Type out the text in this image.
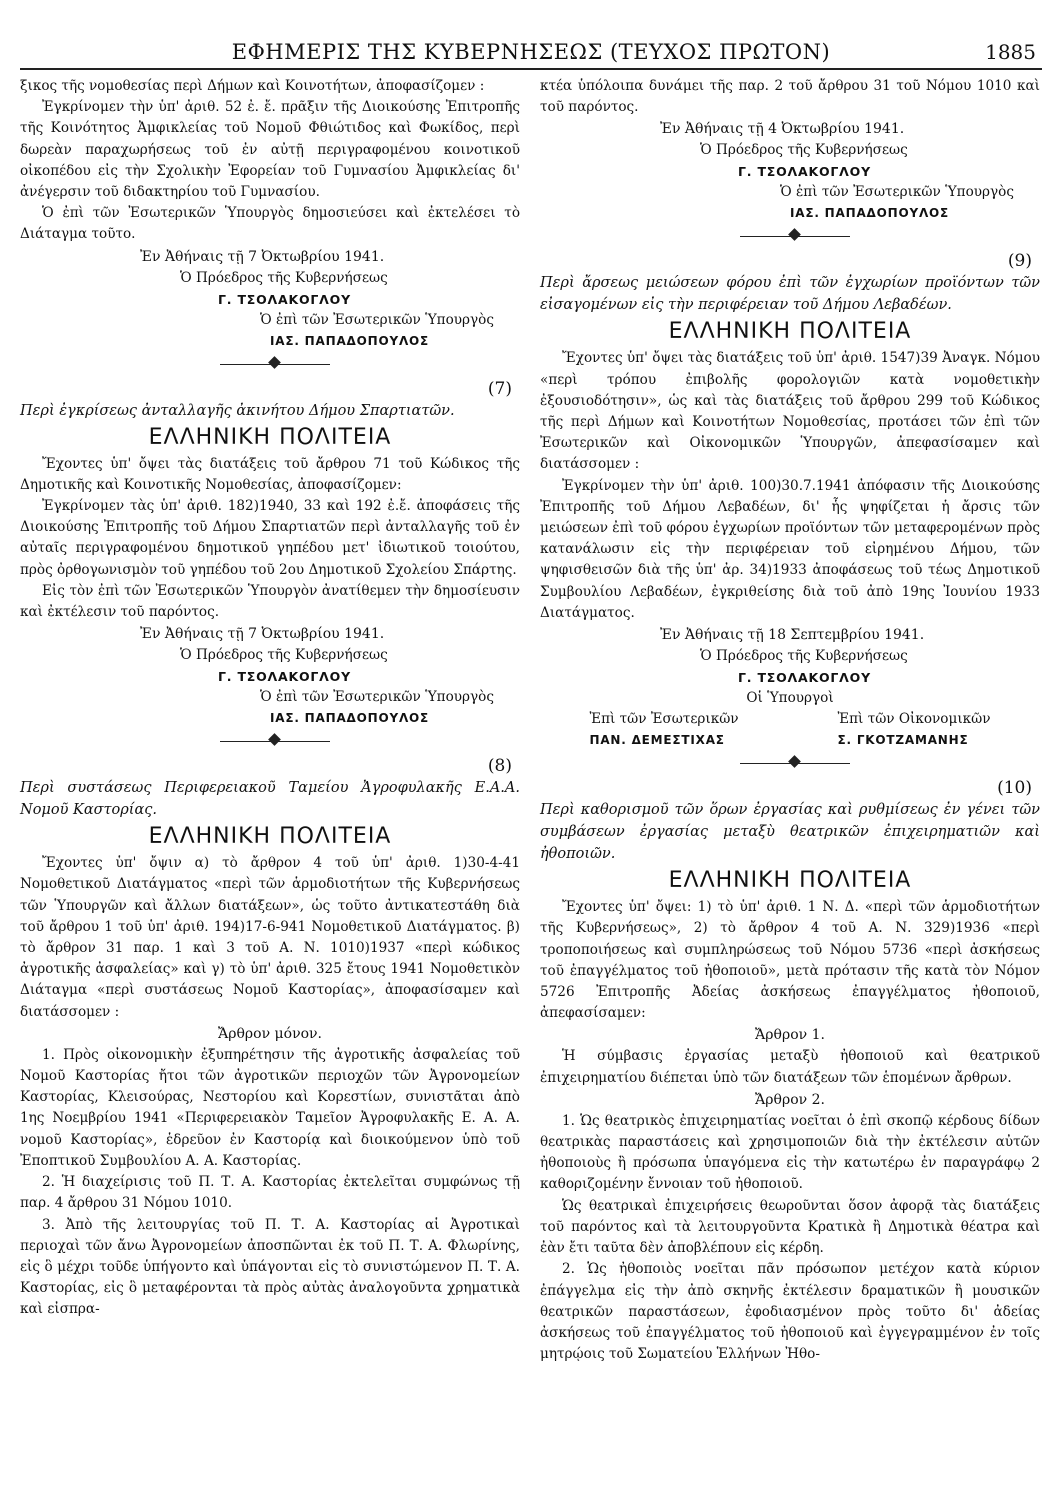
ΕΦΗΜΕΡΙΣ ΤΗΣ ΚΥΒΕΡΝΗΣΕΩΣ (ΤΕΥΧΟΣ ΠΡΩΤΟΝ)	1885

ξικος τῆς νομοθεσίας περὶ Δήμων καὶ Κοινοτήτων, ἀποφασίζομεν :

Ἐγκρίνομεν τὴν ὑπ' ἀριθ. 52 ἐ. ἔ. πρᾶξιν τῆς Διοικούσης Ἐπιτροπῆς τῆς Κοινότητος Ἀμφικλείας τοῦ Νομοῦ Φθιώτιδος καὶ Φωκίδος, περὶ δωρεὰν παραχωρήσεως τοῦ ἐν αὐτῇ περιγραφομένου κοινοτικοῦ οἰκοπέδου εἰς τὴν Σχολικὴν Ἐφορείαν τοῦ Γυμνασίου Ἀμφικλείας δι' ἀνέγερσιν τοῦ διδακτηρίου τοῦ Γυμνασίου.

Ὁ ἐπὶ τῶν Ἐσωτερικῶν Ὑπουργὸς δημοσιεύσει καὶ ἐκτελέσει τὸ Διάταγμα τοῦτο.

Ἐν Ἀθήναις τῇ 7 Ὀκτωβρίου 1941.

Ὁ Πρόεδρος τῆς Κυβερνήσεως

Γ. ΤΣΟΛΑΚΟΓΛΟΥ

Ὁ ἐπὶ τῶν Ἐσωτερικῶν Ὑπουργὸς

ΙΑΣ. ΠΑΠΑΔΟΠΟΥΛΟΣ

(7)

Περὶ ἐγκρίσεως ἀνταλλαγῆς ἀκινήτου Δήμου Σπαρτιατῶν.

ΕΛΛΗΝΙΚΗ ΠΟΛΙΤΕΙΑ

Ἔχοντες ὑπ' ὄψει τὰς διατάξεις τοῦ ἄρθρου 71 τοῦ Κώδικος τῆς Δημοτικῆς καὶ Κοινοτικῆς Νομοθεσίας, ἀποφασίζομεν:

Ἐγκρίνομεν τὰς ὑπ' ἀριθ. 182)1940, 33 καὶ 192 ἐ.ἔ. ἀποφάσεις τῆς Διοικούσης Ἐπιτροπῆς τοῦ Δήμου Σπαρτιατῶν περὶ ἀνταλλαγῆς τοῦ ἐν αὐταῖς περιγραφομένου δημοτικοῦ γηπέδου μετ' ἰδιωτικοῦ τοιούτου, πρὸς ὀρθογωνισμὸν τοῦ γηπέδου τοῦ 2ου Δημοτικοῦ Σχολείου Σπάρτης.

Εἰς τὸν ἐπὶ τῶν Ἐσωτερικῶν Ὑπουργὸν ἀνατίθεμεν τὴν δημοσίευσιν καὶ ἐκτέλεσιν τοῦ παρόντος.

Ἐν Ἀθήναις τῇ 7 Ὀκτωβρίου 1941.

Ὁ Πρόεδρος τῆς Κυβερνήσεως

Γ. ΤΣΟΛΑΚΟΓΛΟΥ

Ὁ ἐπὶ τῶν Ἐσωτερικῶν Ὑπουργὸς

ΙΑΣ. ΠΑΠΑΔΟΠΟΥΛΟΣ

(8)

Περὶ συστάσεως Περιφερειακοῦ Ταμείου Ἀγροφυλακῆς Ε.Α.Α. Νομοῦ Καστορίας.

ΕΛΛΗΝΙΚΗ ΠΟΛΙΤΕΙΑ

Ἔχοντες ὑπ' ὄψιν α) τὸ ἄρθρον 4 τοῦ ὑπ' ἀριθ. 1)30-4-41 Νομοθετικοῦ Διατάγματος «περὶ τῶν ἁρμοδιοτήτων τῆς Κυβερνήσεως τῶν Ὑπουργῶν καὶ ἄλλων διατάξεων», ὡς τοῦτο ἀντικατεστάθη διὰ τοῦ ἄρθρου 1 τοῦ ὑπ' ἀριθ. 194)17-6-941 Νομοθετικοῦ Διατάγματος. β) τὸ ἄρθρον 31 παρ. 1 καὶ 3 τοῦ Α. Ν. 1010)1937 «περὶ κώδικος ἀγροτικῆς ἀσφαλείας» καὶ γ) τὸ ὑπ' ἀριθ. 325 ἔτους 1941 Νομοθετικὸν Διάταγμα «περὶ συστάσεως Νομοῦ Καστορίας», ἀποφασίσαμεν καὶ διατάσσομεν :

Ἄρθρον μόνον.

1. Πρὸς οἰκονομικὴν ἐξυπηρέτησιν τῆς ἀγροτικῆς ἀσφαλείας τοῦ Νομοῦ Καστορίας ἤτοι τῶν ἀγροτικῶν περιοχῶν τῶν Ἀγρονομείων Καστορίας, Κλεισούρας, Νεστορίου καὶ Κορεστίων, συνιστᾶται ἀπὸ 1ης Νοεμβρίου 1941 «Περιφερειακὸν Ταμεῖον Ἀγροφυλακῆς Ε. Α. Α. νομοῦ Καστορίας», ἑδρεῦον ἐν Καστορίᾳ καὶ διοικούμενον ὑπὸ τοῦ Ἐποπτικοῦ Συμβουλίου Α. Α. Καστορίας.

2. Ἡ διαχείρισις τοῦ Π. Τ. Α. Καστορίας ἐκτελεῖται συμφώνως τῇ παρ. 4 ἄρθρου 31 Νόμου 1010.

3. Ἀπὸ τῆς λειτουργίας τοῦ Π. Τ. Α. Καστορίας αἱ Ἀγροτικαὶ περιοχαὶ τῶν ἄνω Ἀγρονομείων ἀποσπῶνται ἐκ τοῦ Π. Τ. Α. Φλωρίνης, εἰς ὃ μέχρι τοῦδε ὑπήγοντο καὶ ὑπάγονται εἰς τὸ συνιστώμενον Π. Τ. Α. Καστορίας, εἰς ὃ μεταφέρονται τὰ πρὸς αὐτὰς ἀναλογοῦντα χρηματικὰ καὶ εἰσπρα-

κτέα ὑπόλοιπα δυνάμει τῆς παρ. 2 τοῦ ἄρθρου 31 τοῦ Νόμου 1010 καὶ τοῦ παρόντος.

Ἐν Ἀθήναις τῇ 4 Ὀκτωβρίου 1941.

Ὁ Πρόεδρος τῆς Κυβερνήσεως

Γ. ΤΣΟΛΑΚΟΓΛΟΥ

Ὁ ἐπὶ τῶν Ἐσωτερικῶν Ὑπουργὸς

ΙΑΣ. ΠΑΠΑΔΟΠΟΥΛΟΣ

(9)

Περὶ ἄρσεως μειώσεων φόρου ἐπὶ τῶν ἐγχωρίων προϊόντων τῶν εἰσαγομένων εἰς τὴν περιφέρειαν τοῦ Δήμου Λεβαδέων.

ΕΛΛΗΝΙΚΗ ΠΟΛΙΤΕΙΑ

Ἔχοντες ὑπ' ὄψει τὰς διατάξεις τοῦ ὑπ' ἀριθ. 1547)39 Ἀναγκ. Νόμου «περὶ τρόπου ἐπιβολῆς φορολογιῶν κατὰ νομοθετικὴν ἐξουσιοδότησιν», ὡς καὶ τὰς διατάξεις τοῦ ἄρθρου 299 τοῦ Κώδικος τῆς περὶ Δήμων καὶ Κοινοτήτων Νομοθεσίας, προτάσει τῶν ἐπὶ τῶν Ἐσωτερικῶν καὶ Οἰκονομικῶν Ὑπουργῶν, ἀπεφασίσαμεν καὶ διατάσσομεν :

Ἐγκρίνομεν τὴν ὑπ' ἀριθ. 100)30.7.1941 ἀπόφασιν τῆς Διοικούσης Ἐπιτροπῆς τοῦ Δήμου Λεβαδέων, δι' ἧς ψηφίζεται ἡ ἄρσις τῶν μειώσεων ἐπὶ τοῦ φόρου ἐγχωρίων προϊόντων τῶν μεταφερομένων πρὸς κατανάλωσιν εἰς τὴν περιφέρειαν τοῦ εἰρημένου Δήμου, τῶν ψηφισθεισῶν διὰ τῆς ὑπ' ἀρ. 34)1933 ἀποφάσεως τοῦ τέως Δημοτικοῦ Συμβουλίου Λεβαδέων, ἐγκριθείσης διὰ τοῦ ἀπὸ 19ης Ἰουνίου 1933 Διατάγματος.

Ἐν Ἀθήναις τῇ 18 Σεπτεμβρίου 1941.

Ὁ Πρόεδρος τῆς Κυβερνήσεως

Γ. ΤΣΟΛΑΚΟΓΛΟΥ

Οἱ Ὑπουργοὶ

Ἐπὶ τῶν Ἐσωτερικῶν
ΠΑΝ. ΔΕΜΕΣΤΙΧΑΣ
Ἐπὶ τῶν Οἰκονομικῶν
Σ. ΓΚΟΤΖΑΜΑΝΗΣ

(10)

Περὶ καθορισμοῦ τῶν ὅρων ἐργασίας καὶ ρυθμίσεως ἐν γένει τῶν συμβάσεων ἐργασίας μεταξὺ θεατρικῶν ἐπιχειρηματιῶν καὶ ἠθοποιῶν.

ΕΛΛΗΝΙΚΗ ΠΟΛΙΤΕΙΑ

Ἔχοντες ὑπ' ὄψει: 1) τὸ ὑπ' ἀριθ. 1 Ν. Δ. «περὶ τῶν ἁρμοδιοτήτων τῆς Κυβερνήσεως», 2) τὸ ἄρθρον 4 τοῦ Α. Ν. 329)1936 «περὶ τροποποιήσεως καὶ συμπληρώσεως τοῦ Νόμου 5736 «περὶ ἀσκήσεως τοῦ ἐπαγγέλματος τοῦ ἠθοποιοῦ», μετὰ πρότασιν τῆς κατὰ τὸν Νόμον 5726 Ἐπιτροπῆς Ἀδείας ἀσκήσεως ἐπαγγέλματος ἠθοποιοῦ, ἀπεφασίσαμεν:

Ἄρθρον 1.

Ἡ σύμβασις ἐργασίας μεταξὺ ἠθοποιοῦ καὶ θεατρικοῦ ἐπιχειρηματίου διέπεται ὑπὸ τῶν διατάξεων τῶν ἑπομένων ἄρθρων.

Ἄρθρον 2.

1. Ὡς θεατρικὸς ἐπιχειρηματίας νοεῖται ὁ ἐπὶ σκοπῷ κέρδους δίδων θεατρικὰς παραστάσεις καὶ χρησιμοποιῶν διὰ τὴν ἐκτέλεσιν αὐτῶν ἠθοποιοὺς ἢ πρόσωπα ὑπαγόμενα εἰς τὴν κατωτέρω ἐν παραγράφῳ 2 καθοριζομένην ἔννοιαν τοῦ ἠθοποιοῦ.

Ὡς θεατρικαὶ ἐπιχειρήσεις θεωροῦνται ὅσον ἀφορᾷ τὰς διατάξεις τοῦ παρόντος καὶ τὰ λειτουργοῦντα Κρατικὰ ἢ Δημοτικὰ θέατρα καὶ ἐὰν ἔτι ταῦτα δὲν ἀποβλέπουν εἰς κέρδη.

2. Ὡς ἠθοποιὸς νοεῖται πᾶν πρόσωπον μετέχον κατὰ κύριον ἐπάγγελμα εἰς τὴν ἀπὸ σκηνῆς ἐκτέλεσιν δραματικῶν ἢ μουσικῶν θεατρικῶν παραστάσεων, ἐφοδιασμένον πρὸς τοῦτο δι' ἀδείας ἀσκήσεως τοῦ ἐπαγγέλματος τοῦ ἠθοποιοῦ καὶ ἐγγεγραμμένον ἐν τοῖς μητρῴοις τοῦ Σωματείου Ἑλλήνων Ἠθο-
